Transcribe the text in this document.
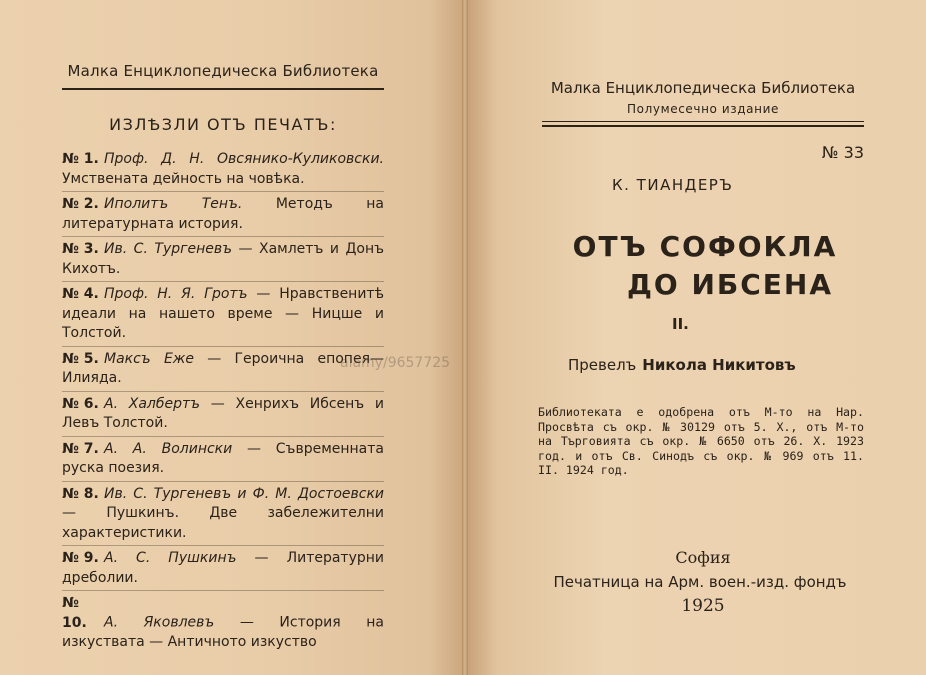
Малка Енциклопедическа Библиотека
ИЗЛѢЗЛИ ОТЪ ПЕЧАТЪ:
№ 1. Проф. Д. Н. Овсянико-Куликовски. Умствената дейность на човѣка.
№ 2. Иполитъ Тенъ. Методъ на литературната история.
№ 3. Ив. С. Тургеневъ — Хамлетъ и Донъ Кихотъ.
№ 4. Проф. Н. Я. Гротъ — Нравственитѣ идеали на нашето време — Ницше и Толстой.
№ 5. Максъ Еже — Героична епопея—Илияда.
№ 6. А. Халбертъ — Хенрихъ Ибсенъ и Левъ Толстой.
№ 7. А. А. Волински — Съвременната руска поезия.
№ 8. Ив. С. Тургеневъ и Ф. М. Достоевски — Пушкинъ. Две забележителни характеристики.
№ 9. А. С. Пушкинъ — Литературни дреболии.
№ 10. А. Яковлевъ — История на изкуствата — Античното изкуство
alamy/9657725
Малка Енциклопедическа Библиотека
Полумесечно издание
№ 33
К. ТИАНДЕРЪ
ОТЪ СОФОКЛА
ДО ИБСЕНА
II.
Превелъ Никола Никитовъ
Библиотеката е одобрена отъ М-то на Нар. Просвѣта съ окр. № 30129 отъ 5. Х., отъ М-то на Търговията съ окр. № 6650 отъ 26. Х. 1923 год. и отъ Св. Синодъ съ окр. № 969 отъ 11. II. 1924 год.
София
Печатница на Арм. воен.-изд. фондъ
1925
